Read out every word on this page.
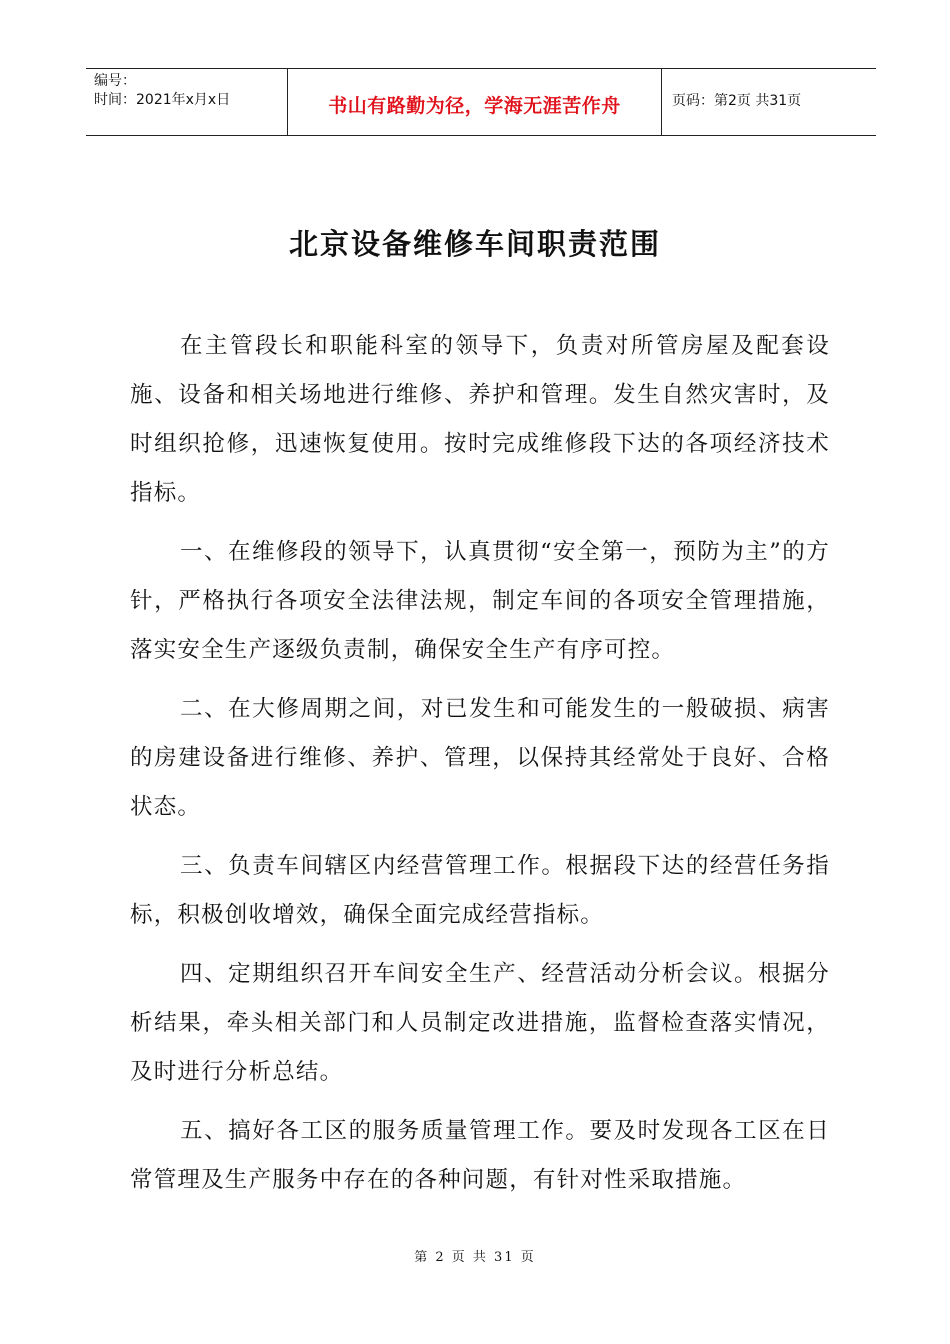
编号：
时间：2021年x月x日	书山有路勤为径，学海无涯苦作舟	页码：第2页 共31页
北京设备维修车间职责范围

在主管段长和职能科室的领导下，负责对所管房屋及配套设施、设备和相关场地进行维修、养护和管理。发生自然灾害时，及时组织抢修，迅速恢复使用。按时完成维修段下达的各项经济技术指标。

一、在维修段的领导下，认真贯彻“安全第一，预防为主”的方针，严格执行各项安全法律法规，制定车间的各项安全管理措施，落实安全生产逐级负责制，确保安全生产有序可控。

二、在大修周期之间，对已发生和可能发生的一般破损、病害的房建设备进行维修、养护、管理，以保持其经常处于良好、合格状态。

三、负责车间辖区内经营管理工作。根据段下达的经营任务指标，积极创收增效，确保全面完成经营指标。

四、定期组织召开车间安全生产、经营活动分析会议。根据分析结果，牵头相关部门和人员制定改进措施，监督检查落实情况，及时进行分析总结。

五、搞好各工区的服务质量管理工作。要及时发现各工区在日常管理及生产服务中存在的各种问题，有针对性采取措施。

第 2 页 共 31 页
